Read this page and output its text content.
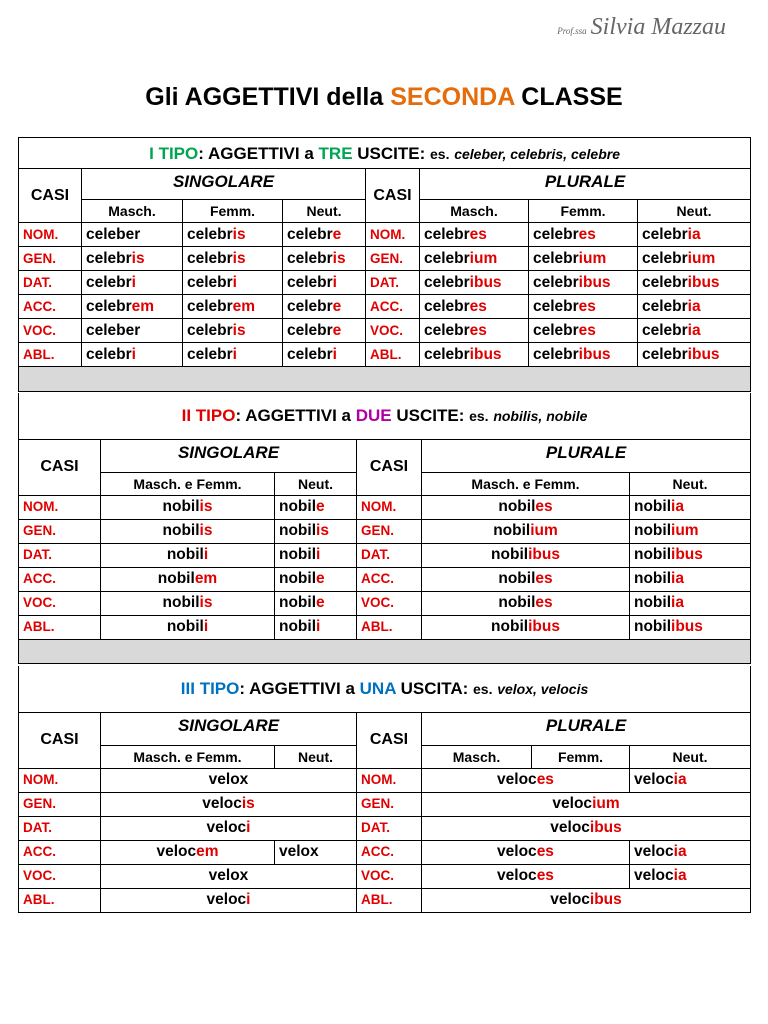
Prof.ssa Silvia Mazzau
Gli AGGETTIVI della SECONDA CLASSE
I TIPO: AGGETTIVI a TRE USCITE: es. celeber, celebris, celebre							
CASI	SINGOLARE			CASI	PLURALE		
	Masch.	Femm.	Neut.		Masch.	Femm.	Neut.
NOM.	celeber	celebris	celebre	NOM.	celebres	celebres	celebria
GEN.	celebris	celebris	celebris	GEN.	celebrium	celebrium	celebrium
DAT.	celebri	celebri	celebri	DAT.	celebribus	celebribus	celebribus
ACC.	celebrem	celebrem	celebre	ACC.	celebres	celebres	celebria
VOC.	celeber	celebris	celebre	VOC.	celebres	celebres	celebria
ABL.	celebri	celebri	celebri	ABL.	celebribus	celebribus	celebribus

II TIPO: AGGETTIVI a DUE USCITE: es. nobilis, nobile					
CASI	SINGOLARE		CASI	PLURALE	
	Masch. e Femm.	Neut.		Masch. e Femm.	Neut.
NOM.	nobilis	nobile	NOM.	nobiles	nobilia
GEN.	nobilis	nobilis	GEN.	nobilium	nobilium
DAT.	nobili	nobili	DAT.	nobilibus	nobilibus
ACC.	nobilem	nobile	ACC.	nobiles	nobilia
VOC.	nobilis	nobile	VOC.	nobiles	nobilia
ABL.	nobili	nobili	ABL.	nobilibus	nobilibus

III TIPO: AGGETTIVI a UNA USCITA: es. velox, velocis						
CASI	SINGOLARE		CASI	PLURALE		
	Masch. e Femm.	Neut.		Masch.	Femm.	Neut.
NOM.	velox		NOM.	veloces		velocia
GEN.	velocis		GEN.	velocium		
DAT.	veloci		DAT.	velocibus		
ACC.	velocem	velox	ACC.	veloces		velocia
VOC.	velox		VOC.	veloces		velocia
ABL.	veloci		ABL.	velocibus		
